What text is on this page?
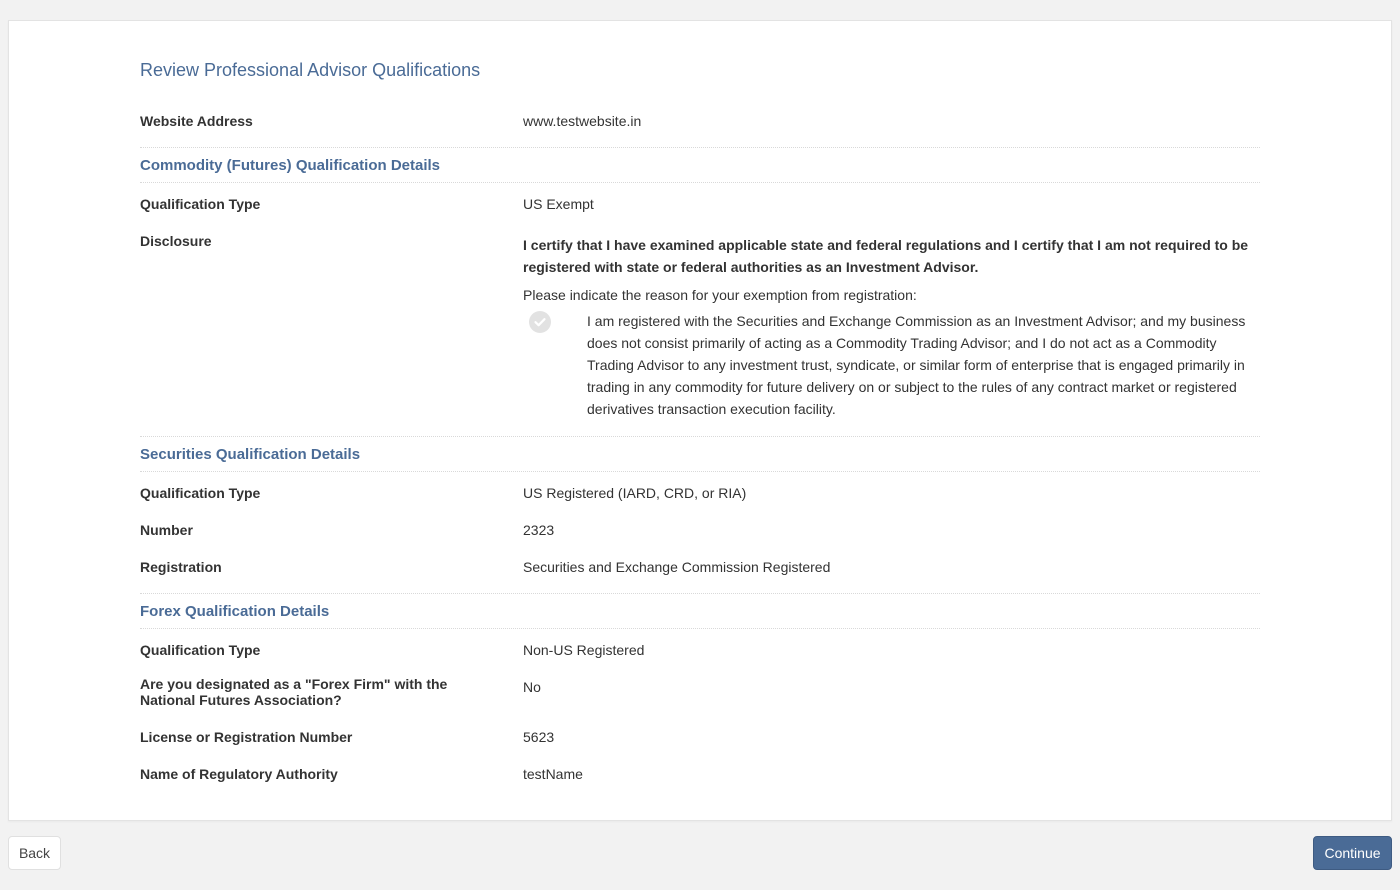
Review Professional Advisor Qualifications
Website Address	www.testwebsite.in
Commodity (Futures) Qualification Details
Qualification Type	US Exempt
Disclosure	I certify that I have examined applicable state and federal regulations and I certify that I am not required to be registered with state or federal authorities as an Investment Advisor.
Please indicate the reason for your exemption from registration:
I am registered with the Securities and Exchange Commission as an Investment Advisor; and my business does not consist primarily of acting as a Commodity Trading Advisor; and I do not act as a Commodity Trading Advisor to any investment trust, syndicate, or similar form of enterprise that is engaged primarily in trading in any commodity for future delivery on or subject to the rules of any contract market or registered derivatives transaction execution facility.
Securities Qualification Details
Qualification Type	US Registered (IARD, CRD, or RIA)
Number	2323
Registration	Securities and Exchange Commission Registered
Forex Qualification Details
Qualification Type	Non-US Registered
Are you designated as a "Forex Firm" with the National Futures Association?
No
License or Registration Number	5623
Name of Regulatory Authority	testName
Back	Continue
